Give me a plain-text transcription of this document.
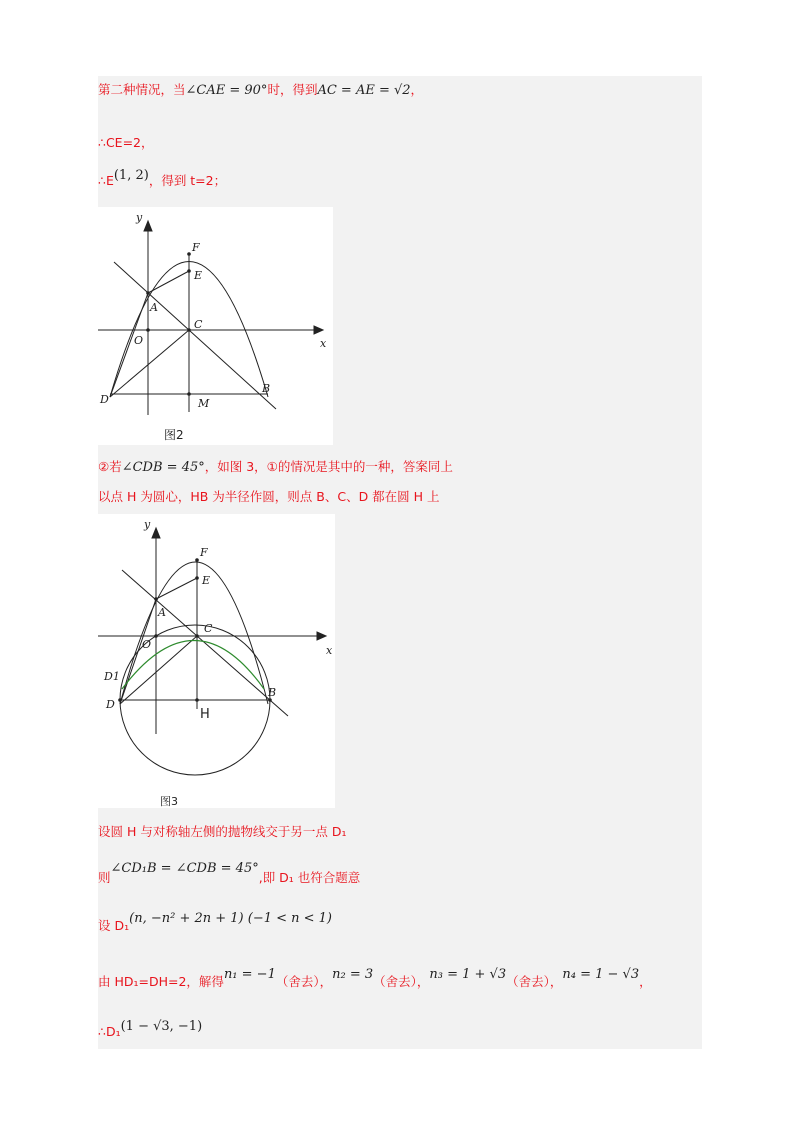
第二种情况，当∠CAE = 90°时，得到AC = AE = √2，
∴CE=2，
∴E(1, 2)，得到 t=2；
y
x
F
E
A
C
O
D
B
M
图2
②若∠CDB = 45°，如图 3，①的情况是其中的一种，答案同上
以点 H 为圆心，HB 为半径作圆，则点 B、C、D 都在圆 H 上
y
x
F
E
A
C
O
D1
D
B
H
图3
设圆 H 与对称轴左侧的抛物线交于另一点 D₁
则∠CD₁B = ∠CDB = 45°,即 D₁ 也符合题意
设 D₁(n, −n² + 2n + 1) (−1 < n < 1)
由 HD₁=DH=2，解得n₁ = −1（舍去），n₂ = 3（舍去），n₃ = 1 + √3（舍去），n₄ = 1 − √3，
∴D₁(1 − √3, −1)
